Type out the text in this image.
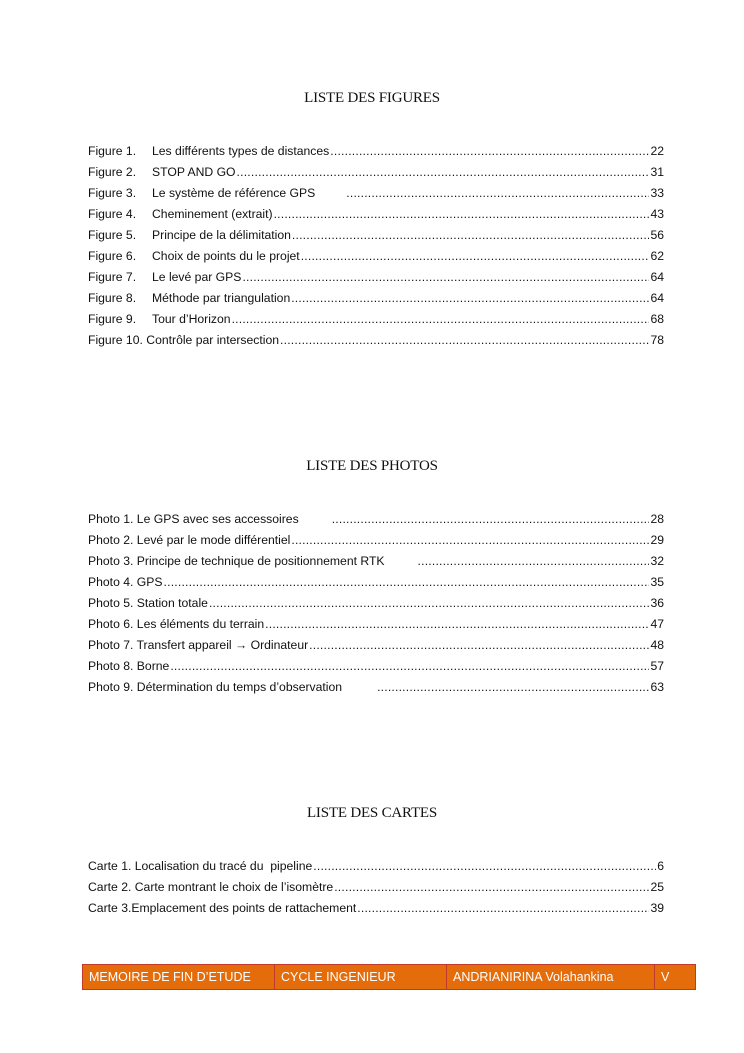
LISTE DES FIGURES
Figure 1. Les différents types de distances .....	22
Figure 2. STOP AND GO .....	31
Figure 3. Le système de référence GPS .....	33
Figure 4. Cheminement (extrait) .....	43
Figure 5. Principe de la délimitation .....	56
Figure 6. Choix de points du le projet .....	62
Figure 7. Le levé par GPS .....	64
Figure 8. Méthode par triangulation .....	64
Figure 9. Tour d’Horizon .....	68
Figure 10. Contrôle par intersection .....	78
LISTE DES PHOTOS
Photo 1. Le GPS avec ses accessoires .....	28
Photo 2. Levé par le mode différentiel .....	29
Photo 3. Principe de technique de positionnement RTK .....	32
Photo 4. GPS .....	35
Photo 5. Station totale .....	36
Photo 6. Les éléments du terrain .....	47
Photo 7. Transfert appareil → Ordinateur .....	48
Photo 8. Borne .....	57
Photo 9. Détermination du temps d’observation .....	63
LISTE DES CARTES
Carte 1. Localisation du tracé du  pipeline .....	6
Carte 2. Carte montrant le choix de l’isomètre .....	25
Carte 3.Emplacement des points de rattachement .....	39
MEMOIRE DE FIN D’ETUDE	CYCLE INGENIEUR	ANDRIANIRINA Volahankina	V
